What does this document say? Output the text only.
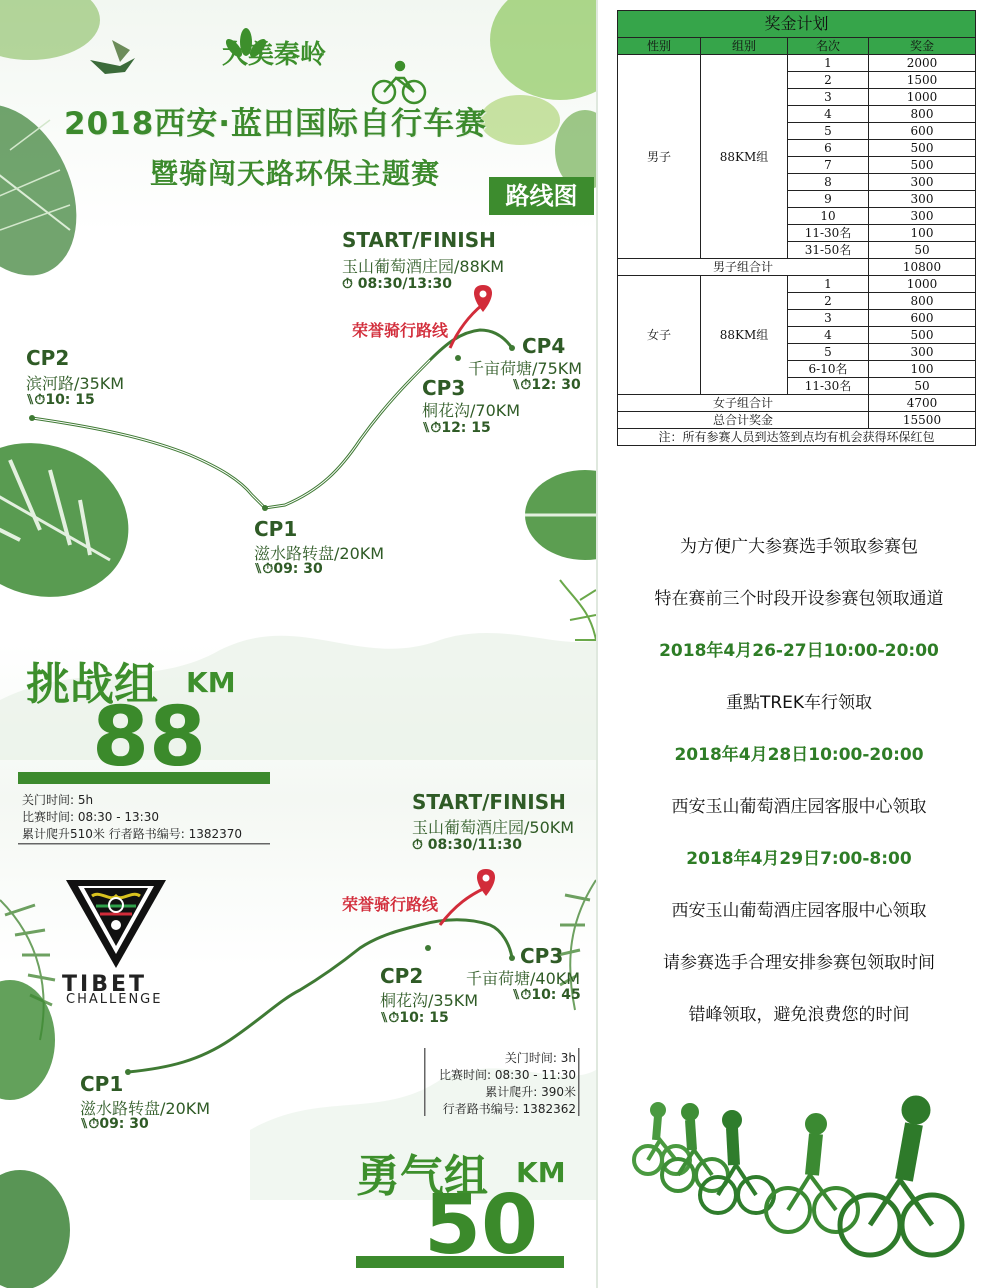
大美秦岭
2018西安·蓝田国际自行车赛
暨骑闯天路环保主题赛
路线图
START/FINISH
玉山葡萄酒庄园/88KM
⏱ 08:30/13:30
荣誉骑行路线
CP2
滨河路/35KM
⑊⏱10: 15
CP1
滋水路转盘/20KM
⑊⏱09: 30
CP3
桐花沟/70KM
⑊⏱12: 15
CP4
千亩荷塘/75KM
⑊⏱12: 30
挑战组 KM
88
关门时间: 5h
比赛时间: 08:30 - 13:30
累计爬升510米 行者路书编号: 1382370
START/FINISH
玉山葡萄酒庄园/50KM
⏱ 08:30/11:30
荣誉骑行路线
CP2
桐花沟/35KM
⑊⏱10: 15
CP3
千亩荷塘/40KM
⑊⏱10: 45
CP1
滋水路转盘/20KM
⑊⏱09: 30
关门时间: 3h
比赛时间: 08:30 - 11:30
累计爬升: 390米
行者路书编号: 1382362
勇气组 KM
50
TIBET
CHALLENGE
奖金计划			
性别	组别	名次	奖金
男子	88KM组	1	2000
		2	1500
		3	1000
		4	800
		5	600
		6	500
		7	500
		8	300
		9	300
		10	300
		11-30名	100
		31-50名	50
男子组合计			10800
女子	88KM组	1	1000
		2	800
		3	600
		4	500
		5	300
		6-10名	100
		11-30名	50
女子组合计			4700
总合计奖金			15500
注：所有参赛人员到达签到点均有机会获得环保红包			
为方便广大参赛选手领取参赛包
特在赛前三个时段开设参赛包领取通道
2018年4月26-27日10:00-20:00
重點TREK车行领取
2018年4月28日10:00-20:00
西安玉山葡萄酒庄园客服中心领取
2018年4月29日7:00-8:00
西安玉山葡萄酒庄园客服中心领取
请参赛选手合理安排参赛包领取时间
错峰领取，避免浪费您的时间
